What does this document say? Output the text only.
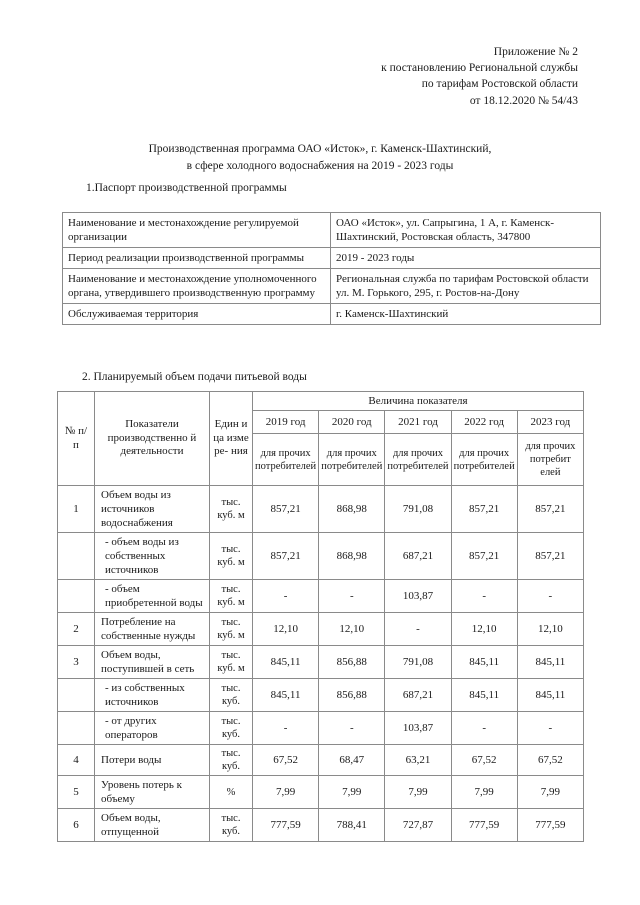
Приложение № 2
к постановлению Региональной службы
по тарифам Ростовской области
от 18.12.2020 № 54/43
Производственная программа ОАО «Исток», г. Каменск-Шахтинский,
в сфере холодного водоснабжения на 2019 - 2023 годы
1.Паспорт производственной программы
Наименование и местонахождение регулируемой организации	ОАО «Исток», ул. Сапрыгина, 1 А, г. Каменск-Шахтинский, Ростовская область, 347800
Период реализации производственной программы	2019 - 2023 годы
Наименование и местонахождение уполномоченного органа, утвердившего производственную программу	Региональная служба по тарифам Ростовской области ул. М. Горького, 295, г. Ростов-на-Дону
Обслуживаемая территория	г. Каменск-Шахтинский
2. Планируемый объем подачи питьевой воды
№ п/ п	Показатели производственно й деятельности	Един ица изме ре- ния	Величина показателя				
			2019 год	2020 год	2021 год	2022 год	2023 год
			для прочих потребителей	для прочих потребителей	для прочих потребителей	для прочих потребителей	для прочих потребит елей
1	Объем воды из источников водоснабжения	тыс. куб. м	857,21	868,98	791,08	857,21	857,21
	- объем воды из собственных источников	тыс. куб. м	857,21	868,98	687,21	857,21	857,21
	- объем приобретенной воды	тыс. куб. м	-	-	103,87	-	-
2	Потребление на собственные нужды	тыс. куб. м	12,10	12,10	-	12,10	12,10
3	Объем воды, поступившей в сеть	тыс. куб. м	845,11	856,88	791,08	845,11	845,11
	- из собственных источников	тыс. куб.	845,11	856,88	687,21	845,11	845,11
	- от других операторов	тыс. куб.	-	-	103,87	-	-
4	Потери воды	тыс. куб.	67,52	68,47	63,21	67,52	67,52
5	Уровень потерь к объему	%	7,99	7,99	7,99	7,99	7,99
6	Объем воды, отпущенной	тыс. куб.	777,59	788,41	727,87	777,59	777,59
